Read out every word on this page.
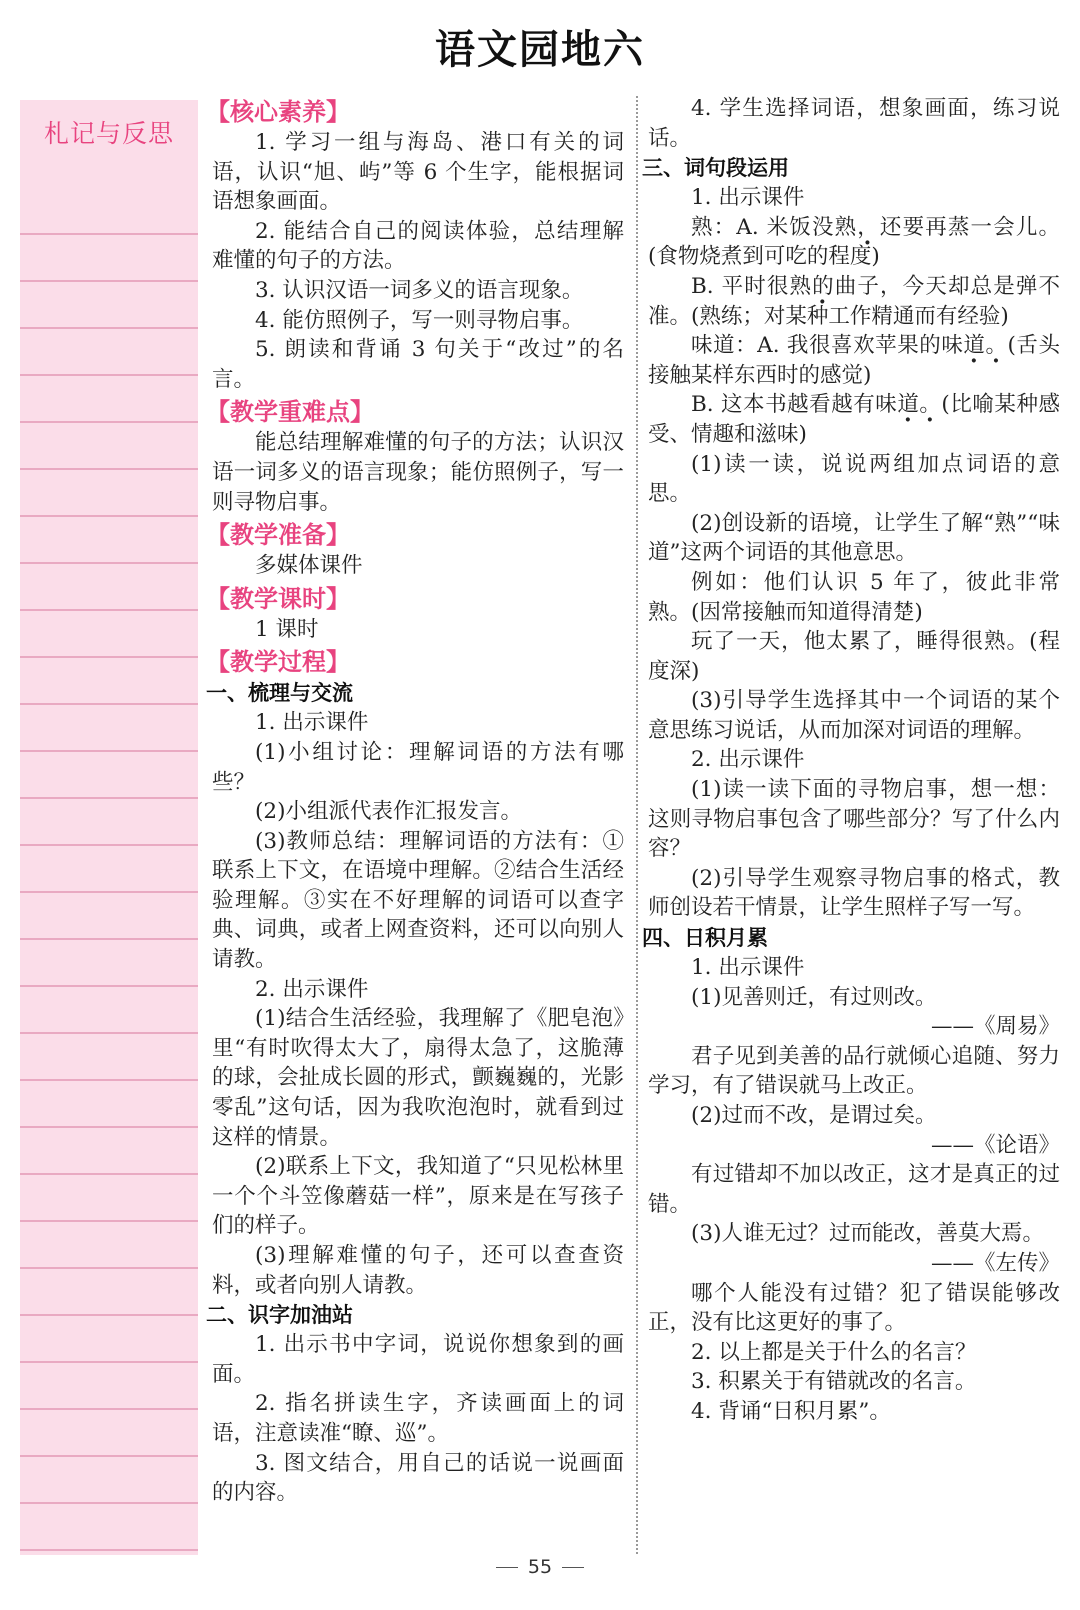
语文园地六
札记与反思
【核心素养】

1. 学习一组与海岛、港口有关的词语，认识“旭、屿”等 6 个生字，能根据词语想象画面。

2. 能结合自己的阅读体验，总结理解难懂的句子的方法。

3. 认识汉语一词多义的语言现象。

4. 能仿照例子，写一则寻物启事。

5. 朗读和背诵 3 句关于“改过”的名言。

【教学重难点】

能总结理解难懂的句子的方法；认识汉语一词多义的语言现象；能仿照例子，写一则寻物启事。

【教学准备】

多媒体课件

【教学课时】

1 课时

【教学过程】
一、梳理与交流

1. 出示课件

(1)小组讨论：理解词语的方法有哪些？

(2)小组派代表作汇报发言。

(3)教师总结：理解词语的方法有：① 联系上下文，在语境中理解。②结合生活经验理解。③实在不好理解的词语可以查字典、词典，或者上网查资料，还可以向别人请教。

2. 出示课件

(1)结合生活经验，我理解了《肥皂泡》里“有时吹得太大了，扇得太急了，这脆薄的球，会扯成长圆的形式，颤巍巍的，光影零乱”这句话，因为我吹泡泡时，就看到过这样的情景。

(2)联系上下文，我知道了“只见松林里一个个斗笠像蘑菇一样”，原来是在写孩子们的样子。

(3)理解难懂的句子，还可以查查资料，或者向别人请教。

二、识字加油站

1. 出示书中字词，说说你想象到的画面。

2. 指名拼读生字，齐读画面上的词语，注意读准“瞭、巡”。

3. 图文结合，用自己的话说一说画面的内容。

4. 学生选择词语，想象画面，练习说话。

三、词句段运用

1. 出示课件

熟：A. 米饭没熟，还要再蒸一会儿。(食物烧煮到可吃的程度)

B. 平时很熟的曲子，今天却总是弹不准。(熟练；对某种工作精通而有经验)

味道：A. 我很喜欢苹果的味道。(舌头接触某样东西时的感觉)

B. 这本书越看越有味道。(比喻某种感受、情趣和滋味)

(1)读一读，说说两组加点词语的意思。

(2)创设新的语境，让学生了解“熟”“味道”这两个词语的其他意思。

例如：他们认识 5 年了，彼此非常熟。(因常接触而知道得清楚)

玩了一天，他太累了，睡得很熟。(程度深)

(3)引导学生选择其中一个词语的某个意思练习说话，从而加深对词语的理解。

2. 出示课件

(1)读一读下面的寻物启事，想一想：这则寻物启事包含了哪些部分？写了什么内容？

(2)引导学生观察寻物启事的格式，教师创设若干情景，让学生照样子写一写。

四、日积月累

1. 出示课件

(1)见善则迁，有过则改。

——《周易》

君子见到美善的品行就倾心追随、努力学习，有了错误就马上改正。

(2)过而不改，是谓过矣。

——《论语》

有过错却不加以改正，这才是真正的过错。

(3)人谁无过？过而能改，善莫大焉。

——《左传》

哪个人能没有过错？犯了错误能够改正，没有比这更好的事了。

2. 以上都是关于什么的名言？

3. 积累关于有错就改的名言。

4. 背诵“日积月累”。

55
